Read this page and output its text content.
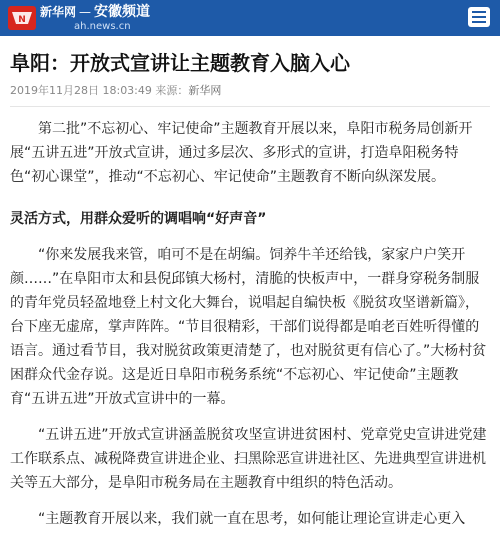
N
新华网 — 安徽频道
ah.news.cn
阜阳：开放式宣讲让主题教育入脑入心
2019年11月28日 18:03:49 来源：新华网

第二批”不忘初心、牢记使命”主题教育开展以来，阜阳市税务局创新开展“五讲五进”开放式宣讲，通过多层次、多形式的宣讲，打造阜阳税务特色“初心课堂”，推动“不忘初心、牢记使命”主题教育不断向纵深发展。

灵活方式，用群众爱听的调唱响“好声音”

“你来发展我来管，咱可不是在胡编。饲养牛羊还给钱，家家户户笑开颜……”在阜阳市太和县倪邱镇大杨村，清脆的快板声中，一群身穿税务制服的青年党员轻盈地登上村文化大舞台，说唱起自编快板《脱贫攻坚谱新篇》，台下座无虚席，掌声阵阵。“节目很精彩，干部们说得都是咱老百姓听得懂的语言。通过看节目，我对脱贫政策更清楚了，也对脱贫更有信心了。”大杨村贫困群众代金存说。这是近日阜阳市税务系统“不忘初心、牢记使命”主题教育“五讲五进”开放式宣讲中的一幕。

“五讲五进”开放式宣讲涵盖脱贫攻坚宣讲进贫困村、党章党史宣讲进党建工作联系点、减税降费宣讲进企业、扫黑除恶宣讲进社区、先进典型宣讲进机关等五大部分，是阜阳市税务局在主题教育中组织的特色活动。

“主题教育开展以来，我们就一直在思考，如何能让理论宣讲走心更入
